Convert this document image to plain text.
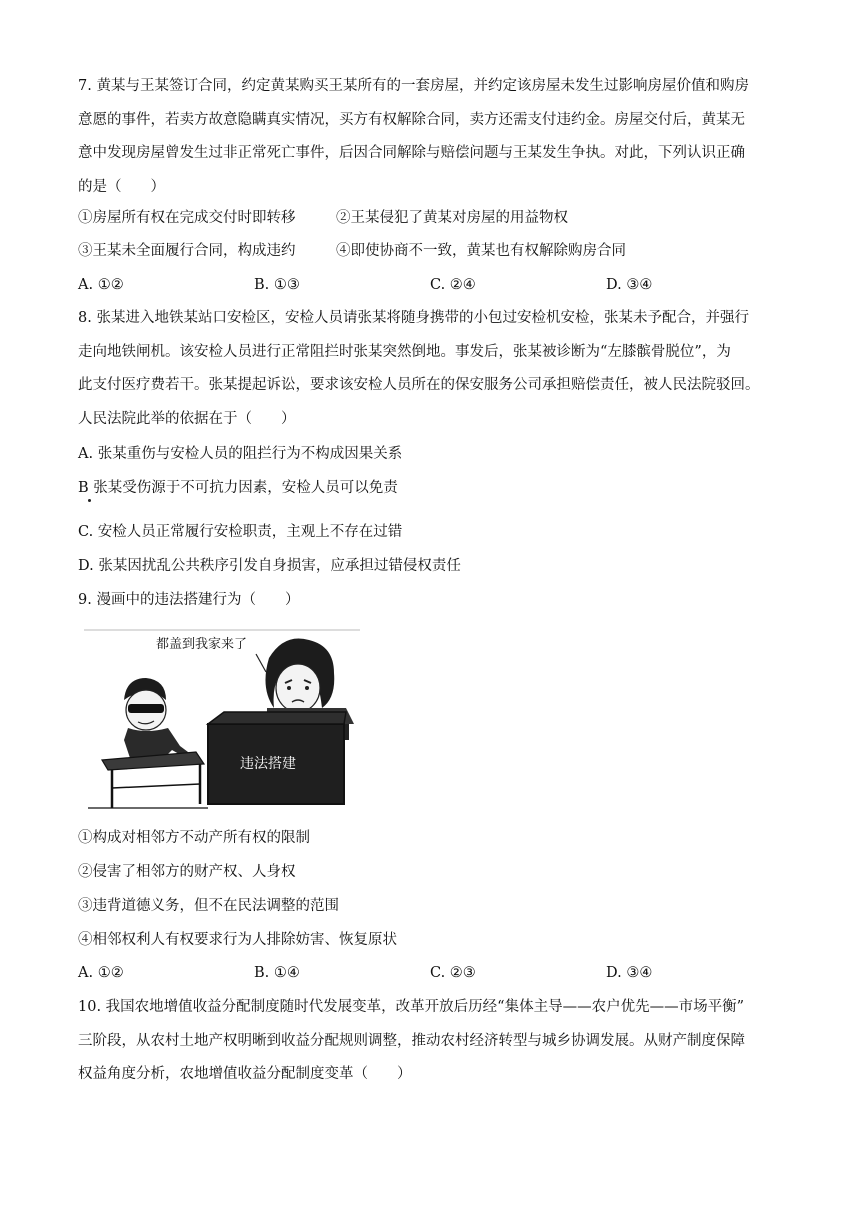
7. 黄某与王某签订合同，约定黄某购买王某所有的一套房屋，并约定该房屋未发生过影响房屋价值和购房
意愿的事件，若卖方故意隐瞒真实情况，买方有权解除合同，卖方还需支付违约金。房屋交付后，黄某无
意中发现房屋曾发生过非正常死亡事件，后因合同解除与赔偿问题与王某发生争执。对此，下列认识正确
的是（　　）
①房屋所有权在完成交付时即转移	②王某侵犯了黄某对房屋的用益物权
③王某未全面履行合同，构成违约	④即使协商不一致，黄某也有权解除购房合同
A. ①②	B. ①③	C. ②④	D. ③④
8. 张某进入地铁某站口安检区，安检人员请张某将随身携带的小包过安检机安检，张某未予配合，并强行
走向地铁闸机。该安检人员进行正常阻拦时张某突然倒地。事发后，张某被诊断为“左膝髌骨脱位”，为
此支付医疗费若干。张某提起诉讼，要求该安检人员所在的保安服务公司承担赔偿责任，被人民法院驳回。
人民法院此举的依据在于（　　）
A. 张某重伤与安检人员的阻拦行为不构成因果关系
B 张某受伤源于不可抗力因素，安检人员可以免责
C. 安检人员正常履行安检职责，主观上不存在过错
D. 张某因扰乱公共秩序引发自身损害，应承担过错侵权责任
9. 漫画中的违法搭建行为（　　）
都盖到我家来了
违法搭建
①构成对相邻方不动产所有权的限制
②侵害了相邻方的财产权、人身权
③违背道德义务，但不在民法调整的范围
④相邻权利人有权要求行为人排除妨害、恢复原状
A. ①②	B. ①④	C. ②③	D. ③④
10. 我国农地增值收益分配制度随时代发展变革，改革开放后历经“集体主导——农户优先——市场平衡”
三阶段，从农村土地产权明晰到收益分配规则调整，推动农村经济转型与城乡协调发展。从财产制度保障
权益角度分析，农地增值收益分配制度变革（　　）
